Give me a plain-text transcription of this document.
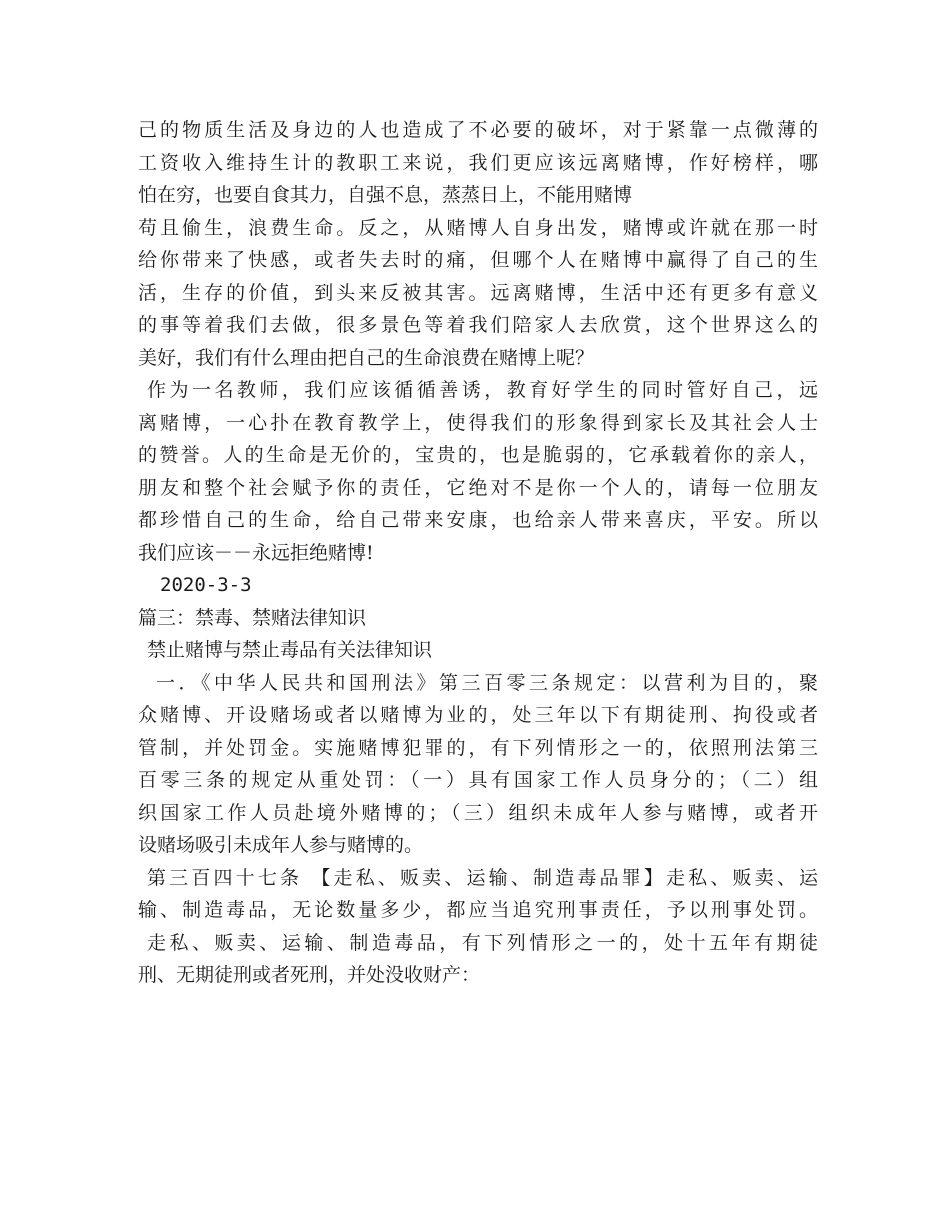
己的物质生活及身边的人也造成了不必要的破坏，对于紧靠一点微薄的
工资收入维持生计的教职工来说，我们更应该远离赌博，作好榜样，哪
怕在穷，也要自食其力，自强不息，蒸蒸日上，不能用赌博
苟且偷生，浪费生命。反之，从赌博人自身出发，赌博或许就在那一时
给你带来了快感，或者失去时的痛，但哪个人在赌博中赢得了自己的生
活，生存的价值，到头来反被其害。远离赌博，生活中还有更多有意义
的事等着我们去做，很多景色等着我们陪家人去欣赏，这个世界这么的
美好，我们有什么理由把自己的生命浪费在赌博上呢？
作为一名教师，我们应该循循善诱，教育好学生的同时管好自己，远
离赌博，一心扑在教育教学上，使得我们的形象得到家长及其社会人士
的赞誉。人的生命是无价的，宝贵的，也是脆弱的，它承载着你的亲人，
朋友和整个社会赋予你的责任，它绝对不是你一个人的，请每一位朋友
都珍惜自己的生命，给自己带来安康，也给亲人带来喜庆，平安。所以
我们应该－－永远拒绝赌博!
2020-3-3
篇三：禁毒、禁赌法律知识
禁止赌博与禁止毒品有关法律知识
一．《中华人民共和国刑法》第三百零三条规定：以营利为目的，聚
众赌博、开设赌场或者以赌博为业的，处三年以下有期徒刑、拘役或者
管制，并处罚金。实施赌博犯罪的，有下列情形之一的，依照刑法第三
百零三条的规定从重处罚：（一）具有国家工作人员身分的；（二）组
织国家工作人员赴境外赌博的；（三）组织未成年人参与赌博，或者开
设赌场吸引未成年人参与赌博的。
第三百四十七条 【走私、贩卖、运输、制造毒品罪】走私、贩卖、运
输、制造毒品，无论数量多少，都应当追究刑事责任，予以刑事处罚。
走私、贩卖、运输、制造毒品，有下列情形之一的，处十五年有期徒
刑、无期徒刑或者死刑，并处没收财产：
